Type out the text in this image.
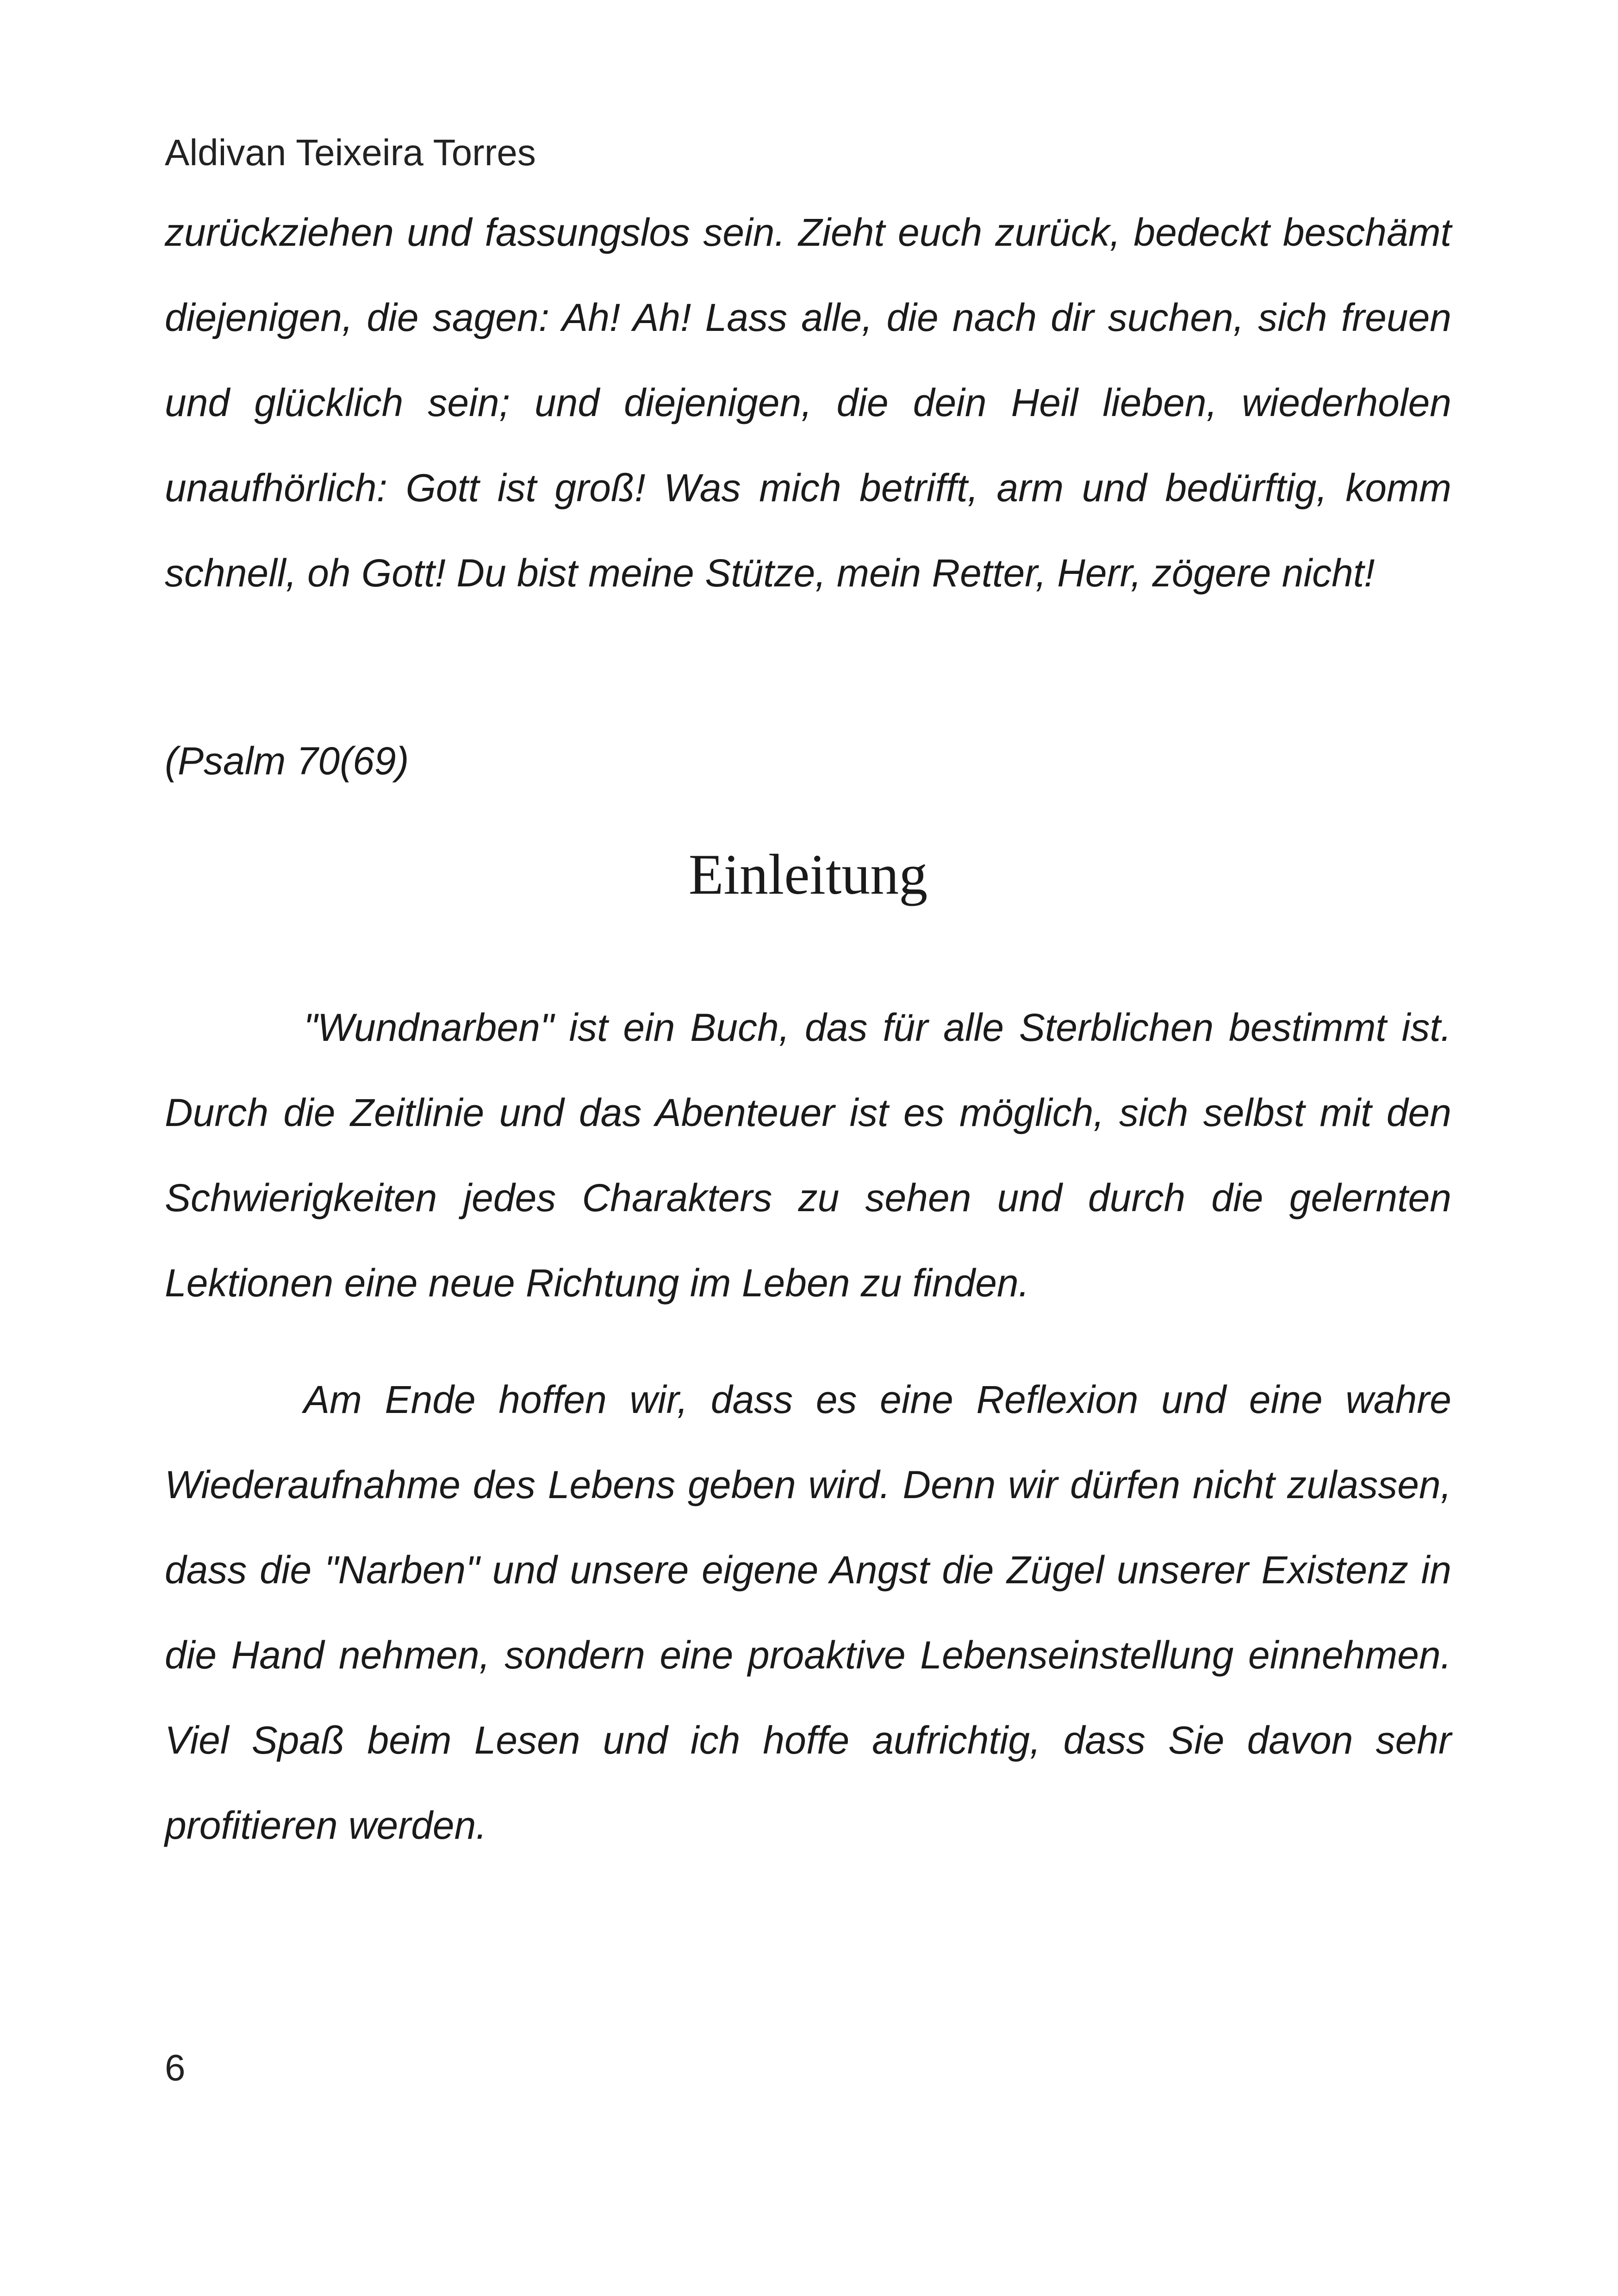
Aldivan Teixeira Torres

zurückziehen und fassungslos sein. Zieht euch zurück, bedeckt beschämt diejenigen, die sagen: Ah! Ah! Lass alle, die nach dir suchen, sich freuen und glücklich sein; und diejenigen, die dein Heil lieben, wiederholen unaufhörlich: Gott ist groß! Was mich betrifft, arm und bedürftig, komm schnell, oh Gott! Du bist meine Stütze, mein Retter, Herr, zögere nicht!

(Psalm 70(69)

Einleitung

"Wundnarben" ist ein Buch, das für alle Sterblichen bestimmt ist. Durch die Zeitlinie und das Abenteuer ist es möglich, sich selbst mit den Schwierigkeiten jedes Charakters zu sehen und durch die gelernten Lektionen eine neue Richtung im Leben zu finden.

Am Ende hoffen wir, dass es eine Reflexion und eine wahre Wiederaufnahme des Lebens geben wird. Denn wir dürfen nicht zulassen, dass die "Narben" und unsere eigene Angst die Zügel unserer Existenz in die Hand nehmen, sondern eine proaktive Lebenseinstellung einnehmen. Viel Spaß beim Lesen und ich hoffe aufrichtig, dass Sie davon sehr profitieren werden.

6
